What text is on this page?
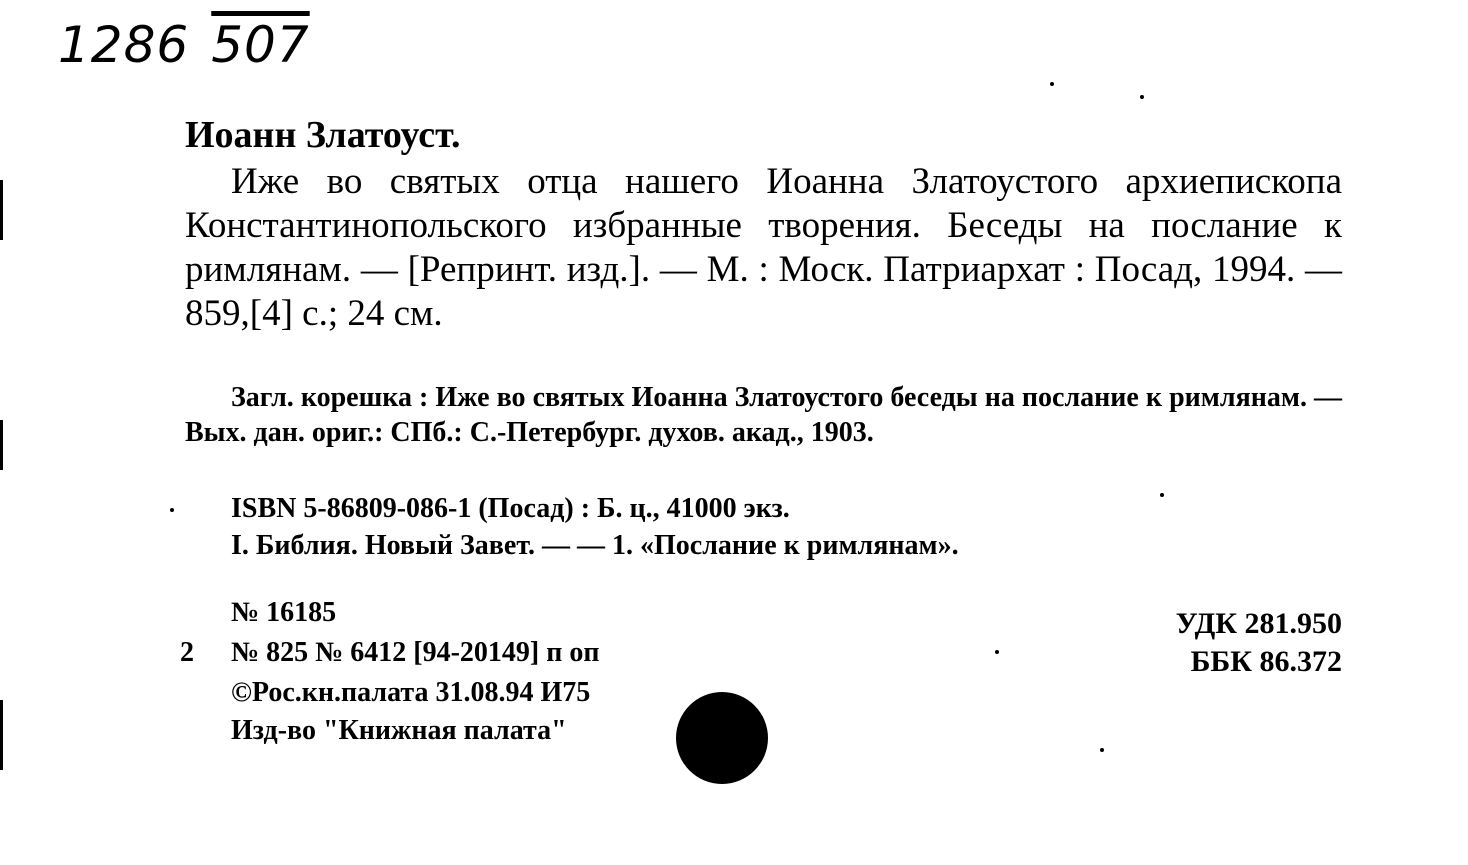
1286 507
Иоанн Златоуст.
Иже во святых отца нашего Иоанна Златоустого архиепископа Константинопольского избранные творения. Беседы на послание к римлянам. — [Репринт. изд.]. — М. : Моск. Патриархат : Посад, 1994. — 859,[4] с.; 24 см.
Загл. корешка : Иже во святых Иоанна Златоустого беседы на послание к римлянам. — Вых. дан. ориг.: СПб.: С.-Петербург. духов. акад., 1903.
ISBN 5-86809-086-1 (Посад) : Б. ц., 41000 экз.
I. Библия. Новый Завет. — — 1. «Послание к римлянам».
№ 16185
2 № 825 № 6412 [94-20149] п оп
©Рос.кн.палата 31.08.94 И75
Изд-во "Книжная палата"
УДК 281.950
ББК 86.372
